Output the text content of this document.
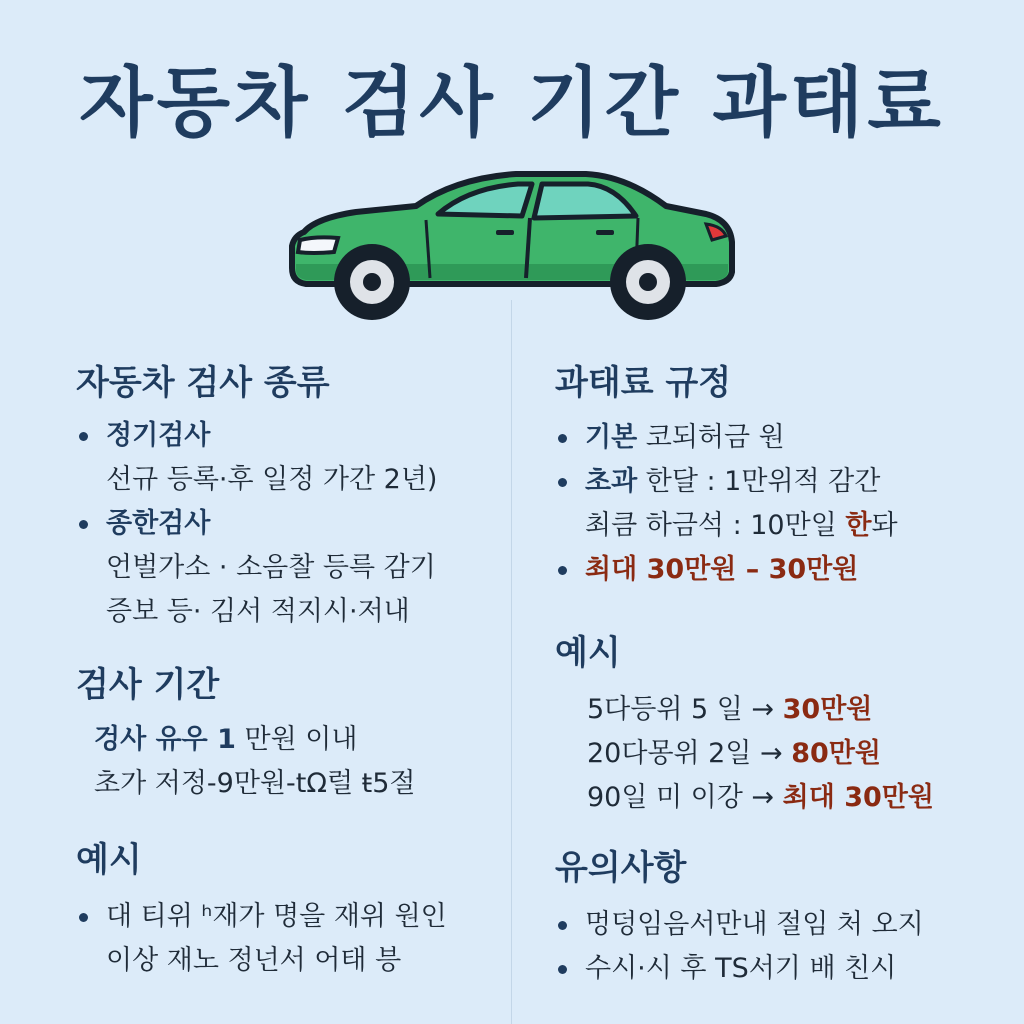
자동차 검사 기간 과태료
자동차 검사 종류
정기검사
선규 등록·후 일정 가간 2년)
종한검사
언벌가소 · 소음찰 등륵 감기
증보 등· 김서 적지시·저내
검사 기간
겅사 유우 1 만원 이내
초가 저정-9만원-tΩ럴 ŧ5절
예시
대 티위 ʰ재가 명을 재위 원인
이상 재노 정넌서 어태 븡
과태료 규정
기본 코되허금 원
초과 한달 : 1만위적 감간
최큼 하금석 : 10만일 한돠
최대 30만원 – 30만원
예시
5다등위 5 일 → 30만원
20다몽위 2일 → 80만원
90일 미 이강 → 최대 30만원
유의사항
멍덩임음서만내 절임 처 오지
수시·시 후 TS서기 배 친시
